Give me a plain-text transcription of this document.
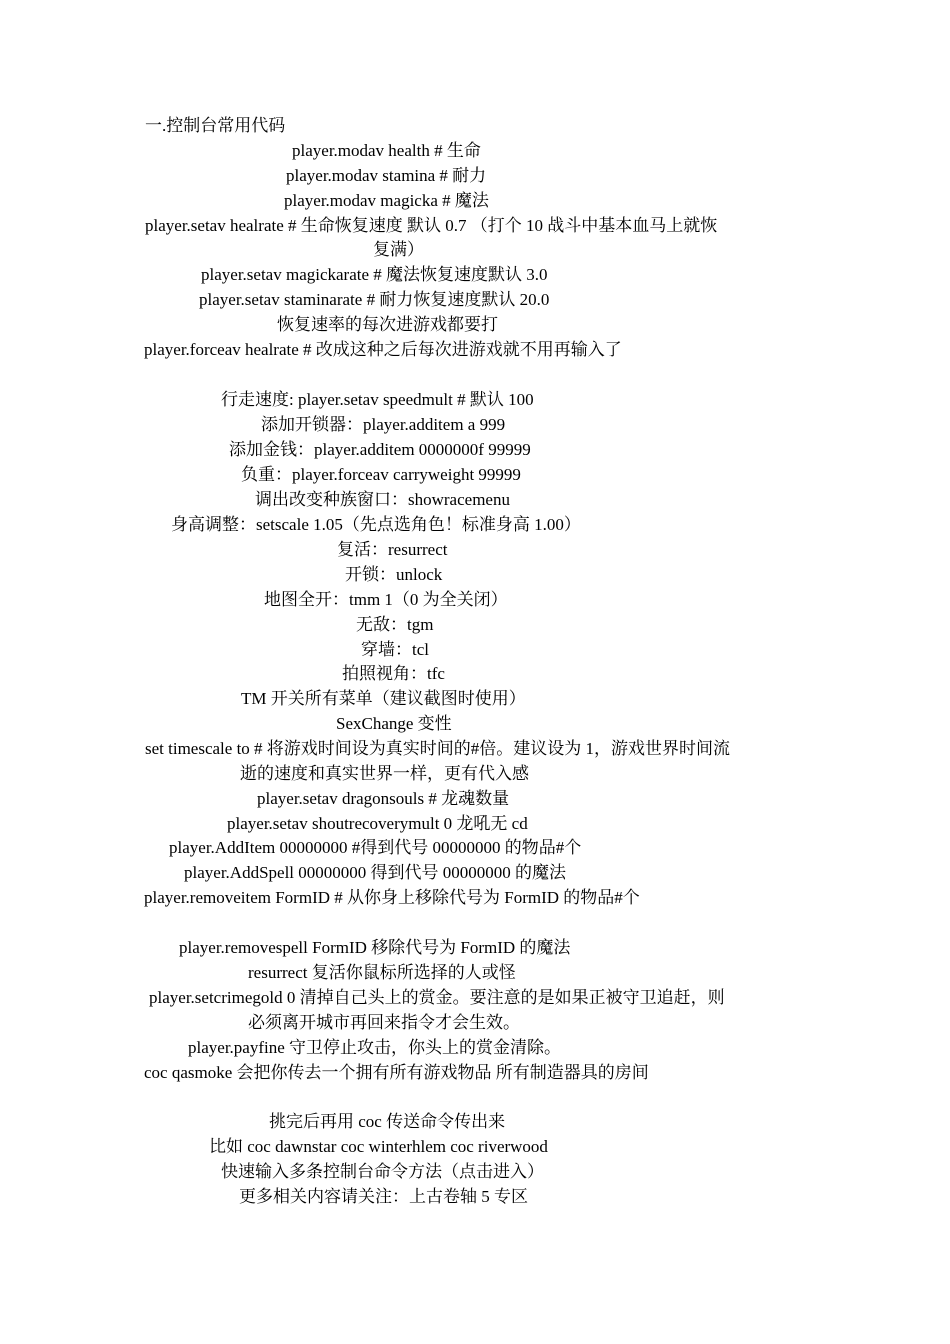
一.控制台常用代码
player.modav health # 生命
player.modav stamina # 耐力
player.modav magicka # 魔法
player.setav healrate # 生命恢复速度 默认 0.7 （打个 10 战斗中基本血马上就恢
复满）
player.setav magickarate # 魔法恢复速度默认 3.0
player.setav staminarate # 耐力恢复速度默认 20.0
恢复速率的每次进游戏都要打
player.forceav healrate # 改成这种之后每次进游戏就不用再输入了
行走速度: player.setav speedmult # 默认 100
添加开锁器：player.additem a 999
添加金钱：player.additem 0000000f 99999
负重：player.forceav carryweight 99999
调出改变种族窗口：showracemenu
身高调整：setscale 1.05（先点选角色！标准身高 1.00）
复活：resurrect
开锁：unlock
地图全开：tmm 1（0 为全关闭）
无敌：tgm
穿墙：tcl
拍照视角：tfc
TM 开关所有菜单（建议截图时使用）
SexChange 变性
set timescale to # 将游戏时间设为真实时间的#倍。建议设为 1，游戏世界时间流
逝的速度和真实世界一样，更有代入感
player.setav dragonsouls # 龙魂数量
player.setav shoutrecoverymult 0 龙吼无 cd
player.AddItem 00000000 #得到代号 00000000 的物品#个
player.AddSpell 00000000 得到代号 00000000 的魔法
player.removeitem FormID # 从你身上移除代号为 FormID 的物品#个
player.removespell FormID 移除代号为 FormID 的魔法
resurrect 复活你鼠标所选择的人或怪
player.setcrimegold 0 清掉自己头上的赏金。要注意的是如果正被守卫追赶，则
必须离开城市再回来指令才会生效。
player.payfine 守卫停止攻击，你头上的赏金清除。
coc qasmoke 会把你传去一个拥有所有游戏物品 所有制造器具的房间
挑完后再用 coc 传送命令传出来
比如 coc dawnstar coc winterhlem coc riverwood
快速输入多条控制台命令方法（点击进入）
更多相关内容请关注：上古卷轴 5 专区
